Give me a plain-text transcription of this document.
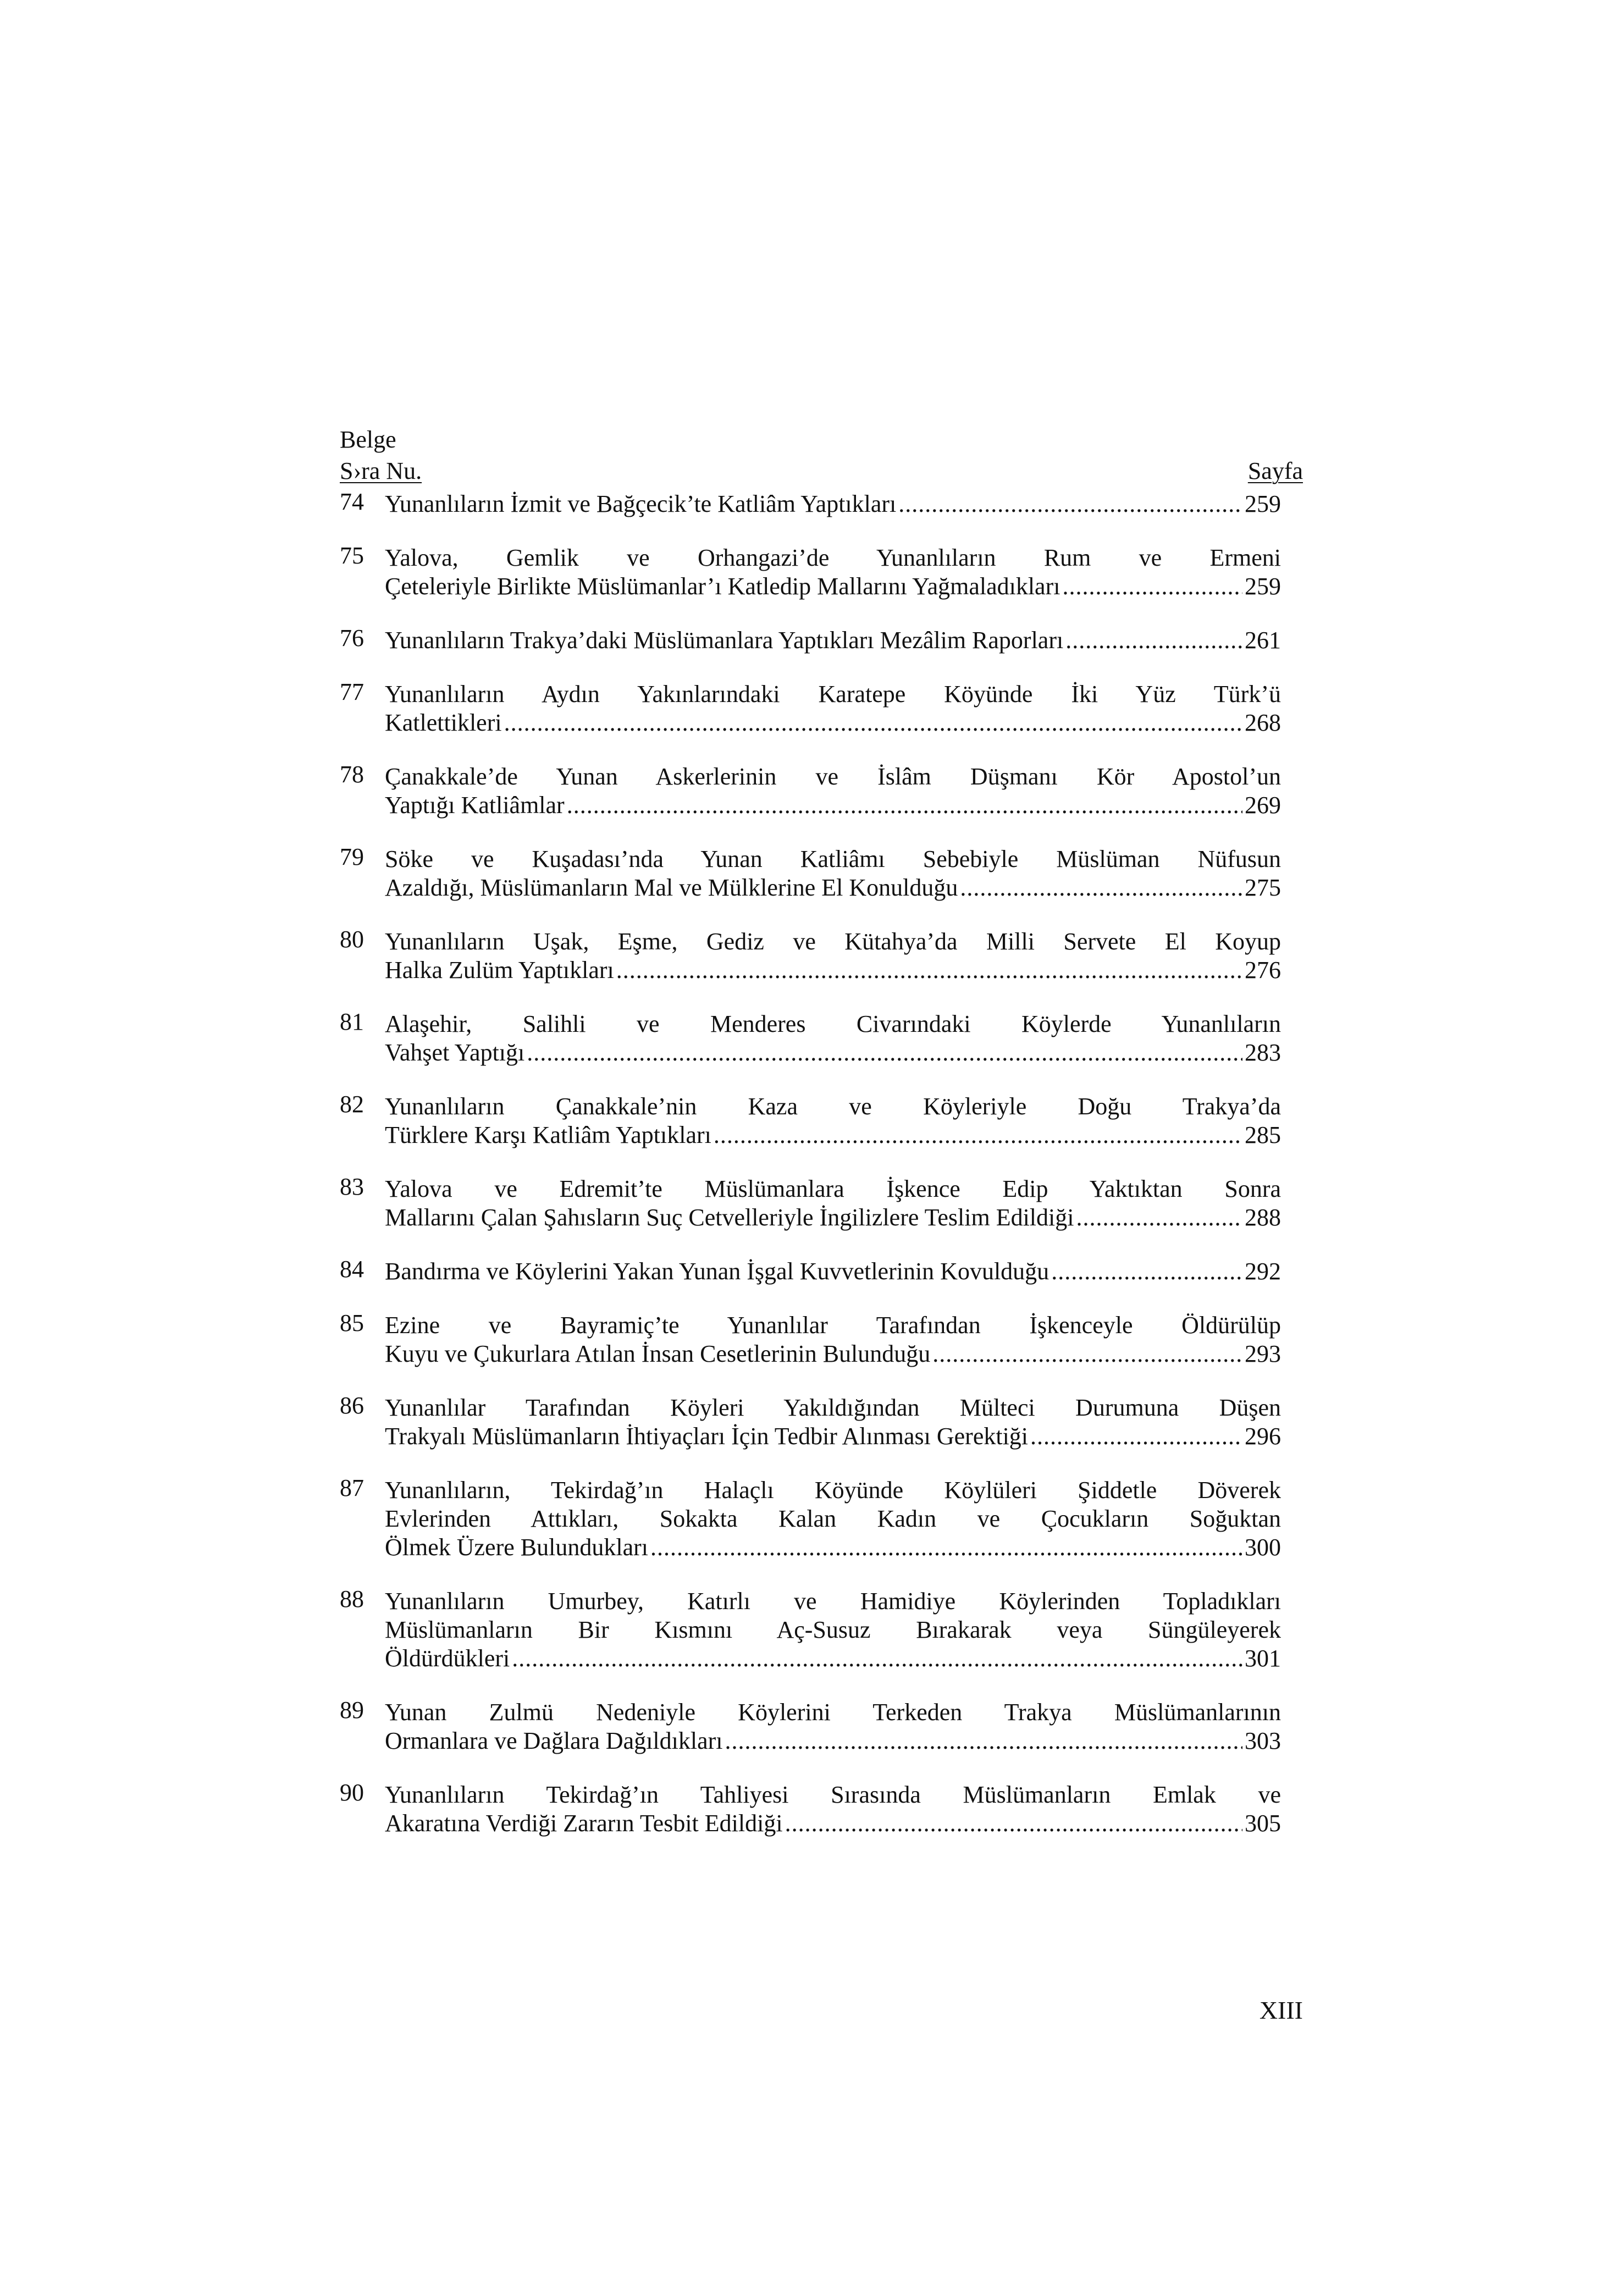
Belge
S›ra Nu.	Sayfa
74 Yunanlıların İzmit ve Bağçecik’te Katliâm Yaptıkları .....	259
75 Yalova, Gemlik ve Orhangazi’de Yunanlıların Rum ve Ermeni
Çeteleriyle Birlikte Müslümanlar’ı Katledip Mallarını Yağmaladıkları .....	259
76 Yunanlıların Trakya’daki Müslümanlara Yaptıkları Mezâlim Raporları .....	261
77 Yunanlıların Aydın Yakınlarındaki Karatepe Köyünde İki Yüz Türk’ü
Katlettikleri .....	268
78 Çanakkale’de Yunan Askerlerinin ve İslâm Düşmanı Kör Apostol’un
Yaptığı Katliâmlar .....	269
79 Söke ve Kuşadası’nda Yunan Katliâmı Sebebiyle Müslüman Nüfusun
Azaldığı, Müslümanların Mal ve Mülklerine El Konulduğu .....	275
80 Yunanlıların Uşak, Eşme, Gediz ve Kütahya’da Milli Servete El Koyup
Halka Zulüm Yaptıkları .....	276
81 Alaşehir, Salihli ve Menderes Civarındaki Köylerde Yunanlıların
Vahşet Yaptığı .....	283
82 Yunanlıların Çanakkale’nin Kaza ve Köyleriyle Doğu Trakya’da
Türklere Karşı Katliâm Yaptıkları .....	285
83 Yalova ve Edremit’te Müslümanlara İşkence Edip Yaktıktan Sonra
Mallarını Çalan Şahısların Suç Cetvelleriyle İngilizlere Teslim Edildiği .....	288
84 Bandırma ve Köylerini Yakan Yunan İşgal Kuvvetlerinin Kovulduğu .....	292
85 Ezine ve Bayramiç’te Yunanlılar Tarafından İşkenceyle Öldürülüp
Kuyu ve Çukurlara Atılan İnsan Cesetlerinin Bulunduğu .....	293
86 Yunanlılar Tarafından Köyleri Yakıldığından Mülteci Durumuna Düşen
Trakyalı Müslümanların İhtiyaçları İçin Tedbir Alınması Gerektiği .....	296
87 Yunanlıların, Tekirdağ’ın Halaçlı Köyünde Köylüleri Şiddetle Döverek
Evlerinden Attıkları, Sokakta Kalan Kadın ve Çocukların Soğuktan
Ölmek Üzere Bulundukları .....	300
88 Yunanlıların Umurbey, Katırlı ve Hamidiye Köylerinden Topladıkları
Müslümanların Bir Kısmını Aç-Susuz Bırakarak veya Süngüleyerek
Öldürdükleri .....	301
89 Yunan Zulmü Nedeniyle Köylerini Terkeden Trakya Müslümanlarının
Ormanlara ve Dağlara Dağıldıkları .....	303
90 Yunanlıların Tekirdağ’ın Tahliyesi Sırasında Müslümanların Emlak ve
Akaratına Verdiği Zararın Tesbit Edildiği .....	305
XIII
